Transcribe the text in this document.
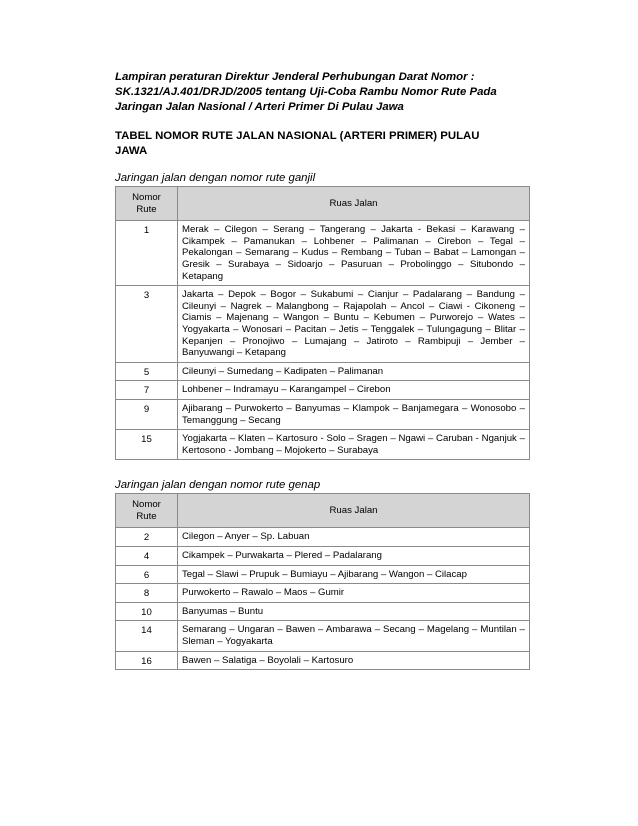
Lampiran peraturan Direktur Jenderal Perhubungan Darat Nomor :
SK.1321/AJ.401/DRJD/2005 tentang Uji-Coba Rambu Nomor Rute Pada
Jaringan Jalan Nasional / Arteri Primer Di Pulau Jawa

TABEL NOMOR RUTE JALAN NASIONAL (ARTERI PRIMER) PULAU
JAWA

Jaringan jalan dengan nomor rute ganjil

Nomor
Rute	Ruas Jalan
1	Merak – Cilegon – Serang – Tangerang – Jakarta - Bekasi – Karawang – Cikampek – Pamanukan – Lohbener – Palimanan – Cirebon – Tegal – Pekalongan – Semarang – Kudus – Rembang – Tuban – Babat – Lamongan – Gresik – Surabaya – Sidoarjo – Pasuruan – Probolinggo – Situbondo – Ketapang
3	Jakarta – Depok – Bogor – Sukabumi – Cianjur – Padalarang – Bandung – Cileunyi – Nagrek – Malangbong – Rajapolah – Ancol – Ciawi - Cikoneng – Ciamis – Majenang – Wangon – Buntu – Kebumen – Purworejo – Wates – Yogyakarta – Wonosari – Pacitan – Jetis – Tenggalek – Tulungagung – Blitar – Kepanjen – Pronojiwo – Lumajang – Jatiroto – Rambipuji – Jember – Banyuwangi – Ketapang
5	Cileunyi – Sumedang – Kadipaten – Palimanan
7	Lohbener – Indramayu – Karangampel – Cirebon
9	Ajibarang – Purwokerto – Banyumas – Klampok – Banjamegara – Wonosobo – Temanggung – Secang
15	Yogjakarta – Klaten – Kartosuro - Solo – Sragen – Ngawi – Caruban - Nganjuk – Kertosono - Jombang – Mojokerto – Surabaya

Jaringan jalan dengan nomor rute genap

Nomor
Rute	Ruas Jalan
2	Cilegon – Anyer – Sp. Labuan
4	Cikampek – Purwakarta – Plered – Padalarang
6	Tegal – Slawi – Prupuk – Bumiayu – Ajibarang – Wangon – Cilacap
8	Purwokerto – Rawalo – Maos – Gumir
10	Banyumas – Buntu
14	Semarang – Ungaran – Bawen – Ambarawa – Secang – Magelang – Muntilan – Sleman – Yogyakarta
16	Bawen – Salatiga – Boyolali – Kartosuro
